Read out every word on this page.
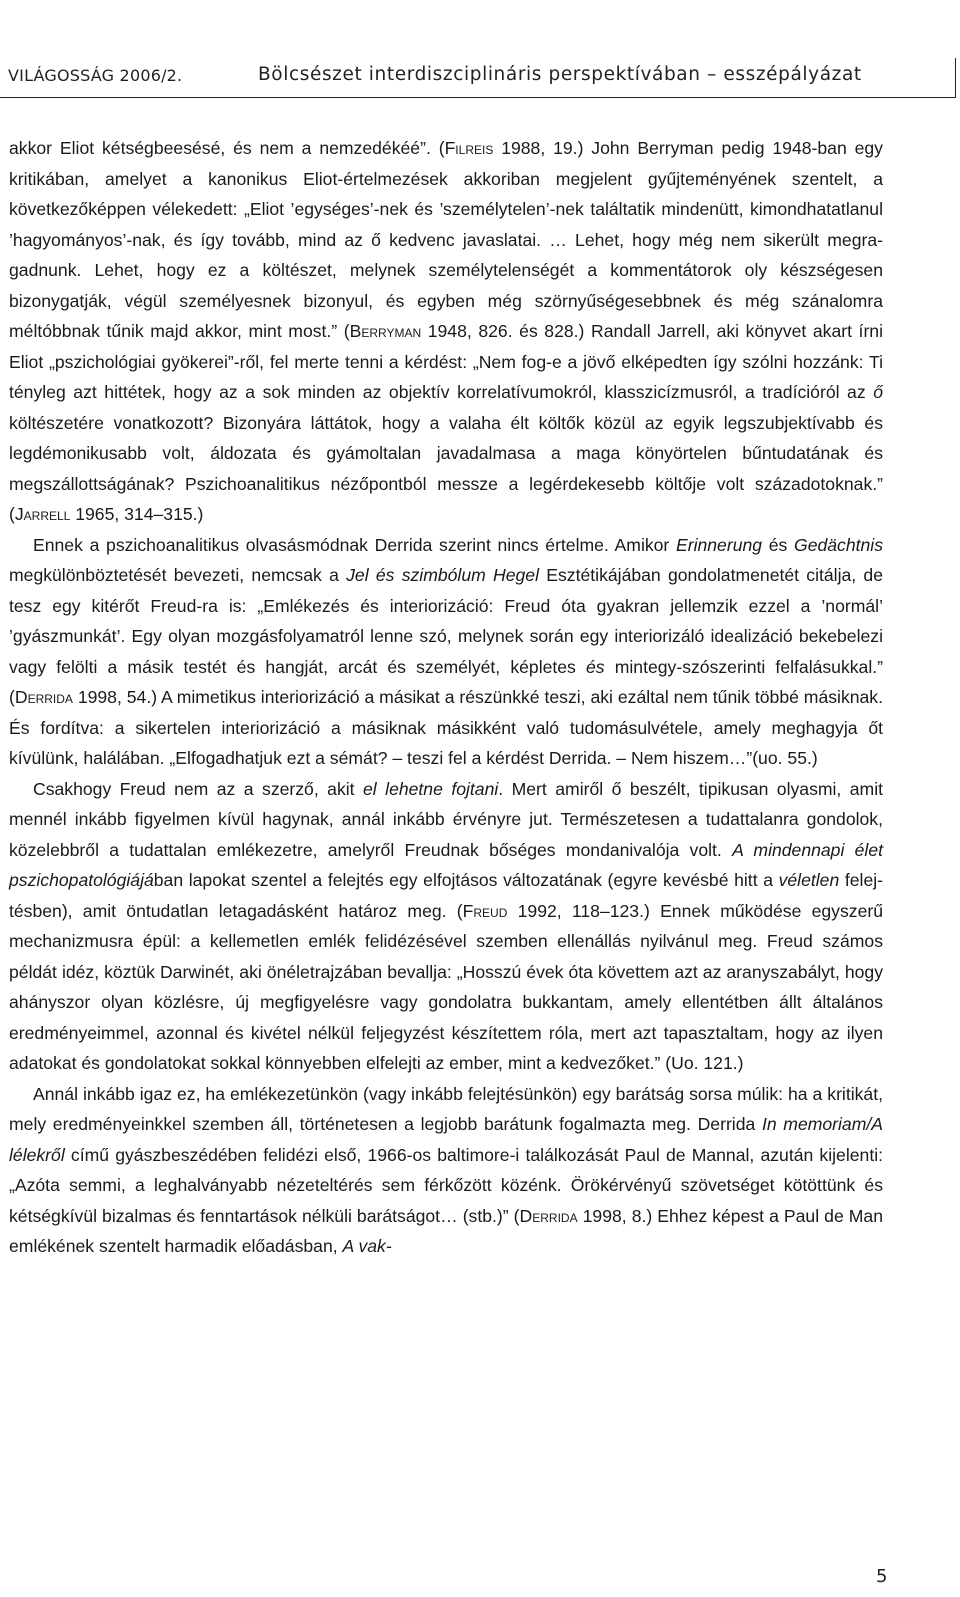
VILÁGOSSÁG 2006/2.	Bölcsészet interdiszciplináris perspektívában – esszépályázat

akkor Eliot kétségbeesésé, és nem a nemzedékéé”. (Filreis 1988, 19.) John Berryman pedig 1948-ban egy kritikában, amelyet a kanonikus Eliot-értelmezések akkoriban megjelent gyűjteményének szentelt, a következőképpen vélekedett: „Eliot ’egységes’-nek és ’személytelen’-nek találtatik mindenütt, kimondhatatlanul ’hagyományos’-nak, és így tovább, mind az ő kedvenc javaslatai. … Lehet, hogy még nem sikerült megragadnunk. Lehet, hogy ez a költészet, melynek személytelenségét a kommentátorok oly készségesen bizonygatják, végül személyesnek bizonyul, és egyben még szörnyűségesebbnek és még szánalomra méltóbbnak tűnik majd akkor, mint most.” (Berryman 1948, 826. és 828.) Randall Jarrell, aki könyvet akart írni Eliot „pszichológiai gyökerei”-ről, fel merte tenni a kérdést: „Nem fog-e a jövő elképedten így szólni hozzánk: Ti tényleg azt hittétek, hogy az a sok minden az objektív korrelatívumokról, klasszicízmusról, a tradícióról az ő költészetére vonatkozott? Bizonyára láttátok, hogy a valaha élt költők közül az egyik legszubjektívabb és legdémonikusabb volt, áldozata és gyámoltalan javadalmasa a maga könyörtelen bűntudatának és megszállottságának? Pszichoanalitikus nézőpontból messze a legérdekesebb költője volt századotoknak.” (Jarrell 1965, 314–315.)

Ennek a pszichoanalitikus olvasásmódnak Derrida szerint nincs értelme. Amikor Erinnerung és Gedächtnis megkülönböztetését bevezeti, nemcsak a Jel és szimbólum Hegel Esztétikájában gondolatmenetét citálja, de tesz egy kitérőt Freud-ra is: „Emlékezés és interiorizáció: Freud óta gyakran jellemzik ezzel a ’normál’ ’gyászmunkát’. Egy olyan mozgásfolyamatról lenne szó, melynek során egy interiorizáló idealizáció bekebelezi vagy felölti a másik testét és hangját, arcát és személyét, képletes és mintegy-szószerinti felfalásukkal.” (Derrida 1998, 54.) A mimetikus interiorizáció a másikat a részünkké teszi, aki ezáltal nem tűnik többé másiknak. És fordítva: a sikertelen interiorizáció a másiknak másikként való tudomásulvétele, amely meghagyja őt kívülünk, halálában. „Elfogadhatjuk ezt a sémát? – teszi fel a kérdést Derrida. – Nem hiszem…”(uo. 55.)

Csakhogy Freud nem az a szerző, akit el lehetne fojtani. Mert amiről ő beszélt, tipikusan olyasmi, amit mennél inkább figyelmen kívül hagynak, annál inkább érvényre jut. Természetesen a tudattalanra gondolok, közelebbről a tudattalan emlékezetre, amelyről Freudnak bőséges mondanivalója volt. A mindennapi élet pszichopatológiájában lapokat szentel a felejtés egy elfojtásos változatának (egyre kevésbé hitt a véletlen felejtésben), amit öntudatlan letagadásként határoz meg. (Freud 1992, 118–123.) Ennek működése egyszerű mechanizmusra épül: a kellemetlen emlék felidézésével szemben ellenállás nyilvánul meg. Freud számos példát idéz, köztük Darwinét, aki önéletrajzában bevallja: „Hosszú évek óta követtem azt az aranyszabályt, hogy ahányszor olyan közlésre, új megfigyelésre vagy gondolatra bukkantam, amely ellentétben állt általános eredményeimmel, azonnal és kivétel nélkül feljegyzést készítettem róla, mert azt tapasztaltam, hogy az ilyen adatokat és gondolatokat sokkal könnyebben elfelejti az ember, mint a kedvezőket.” (Uo. 121.)

Annál inkább igaz ez, ha emlékezetünkön (vagy inkább felejtésünkön) egy barátság sorsa múlik: ha a kritikát, mely eredményeinkkel szemben áll, történetesen a legjobb barátunk fogalmazta meg. Derrida In memoriam/A lélekről című gyászbeszédében felidézi első, 1966-os baltimore-i találkozását Paul de Mannal, azután kijelenti: „Azóta semmi, a leghalványabb nézeteltérés sem férkőzött közénk. Örökérvényű szövetséget kötöttünk és kétségkívül bizalmas és fenntartások nélküli barátságot… (stb.)” (Derrida 1998, 8.) Ehhez képest a Paul de Man emlékének szentelt harmadik előadásban, A vak-

5
